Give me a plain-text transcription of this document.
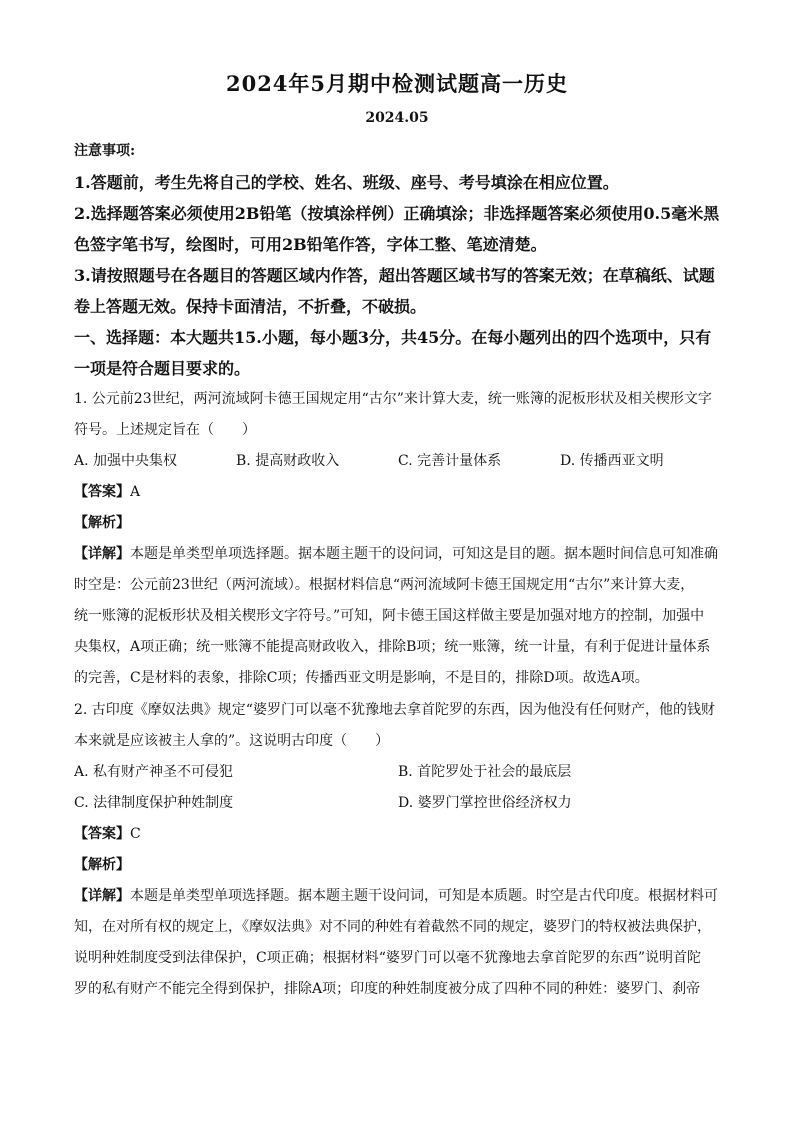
2024年5月期中检测试题高一历史
2024.05
注意事项:
1.答题前，考生先将自己的学校、姓名、班级、座号、考号填涂在相应位置。
2.选择题答案必须使用2B铅笔（按填涂样例）正确填涂；非选择题答案必须使用0.5毫米黑
色签字笔书写，绘图时，可用2B铅笔作答，字体工整、笔迹清楚。
3.请按照题号在各题目的答题区域内作答，超出答题区域书写的答案无效；在草稿纸、试题
卷上答题无效。保持卡面清洁，不折叠，不破损。
一、选择题：本大题共15.小题，每小题3分，共45分。在每小题列出的四个选项中，只有
一项是符合题目要求的。
1. 公元前23世纪，两河流域阿卡德王国规定用“古尔”来计算大麦，统一账簿的泥板形状及相关楔形文字
符号。上述规定旨在（　　）
A. 加强中央集权	B. 提高财政收入	C. 完善计量体系	D. 传播西亚文明
【答案】A
【解析】
【详解】本题是单类型单项选择题。据本题主题干的设问词，可知这是目的题。据本题时间信息可知准确
时空是：公元前23世纪（两河流域）。根据材料信息“两河流域阿卡德王国规定用“古尔”来计算大麦，
统一账簿的泥板形状及相关楔形文字符号。”可知，阿卡德王国这样做主要是加强对地方的控制，加强中
央集权，A项正确；统一账簿不能提高财政收入，排除B项；统一账簿，统一计量，有利于促进计量体系
的完善，C是材料的表象，排除C项；传播西亚文明是影响，不是目的，排除D项。故选A项。
2. 古印度《摩奴法典》规定“婆罗门可以毫不犹豫地去拿首陀罗的东西，因为他没有任何财产，他的钱财
本来就是应该被主人拿的”。这说明古印度（　　）
A. 私有财产神圣不可侵犯	B. 首陀罗处于社会的最底层
C. 法律制度保护种姓制度	D. 婆罗门掌控世俗经济权力
【答案】C
【解析】
【详解】本题是单类型单项选择题。据本题主题干设问词，可知是本质题。时空是古代印度。根据材料可
知，在对所有权的规定上，《摩奴法典》对不同的种姓有着截然不同的规定，婆罗门的特权被法典保护，
说明种姓制度受到法律保护，C项正确；根据材料“婆罗门可以毫不犹豫地去拿首陀罗的东西”说明首陀
罗的私有财产不能完全得到保护，排除A项；印度的种姓制度被分成了四种不同的种姓：婆罗门、刹帝
